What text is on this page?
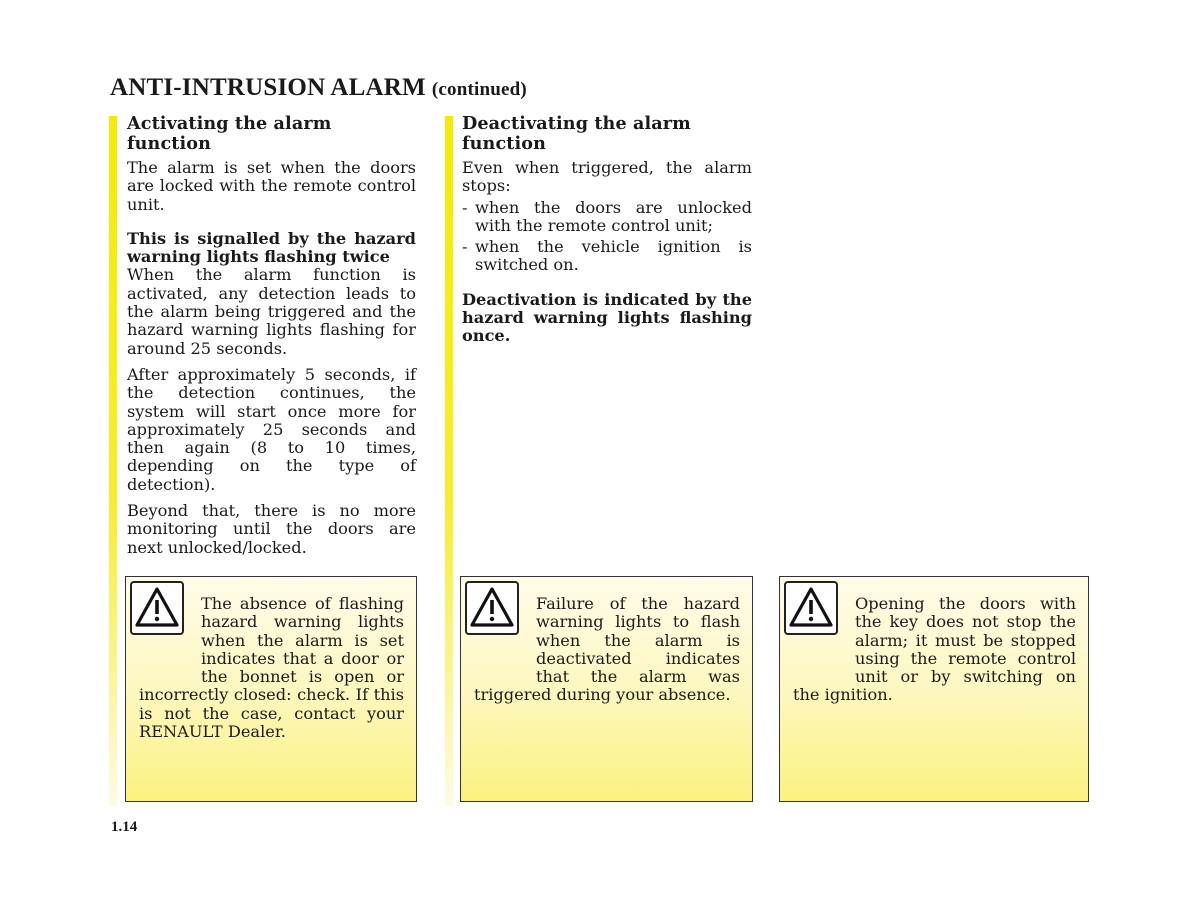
ANTI-INTRUSION ALARM (continued)
Activating the alarm function

The alarm is set when the doors are locked with the remote control unit.

This is signalled by the hazard warning lights flashing twice

When the alarm function is activated, any detection leads to the alarm being triggered and the hazard warning lights flashing for around 25 seconds.

After approximately 5 seconds, if the detection continues, the system will start once more for approximately 25 seconds and then again (8 to 10 times, depending on the type of detection).

Beyond that, there is no more monitoring until the doors are next unlocked/locked.

Deactivating the alarm function

Even when triggered, the alarm stops:

- when the doors are unlocked with the remote control unit;
- when the vehicle ignition is switched on.

Deactivation is indicated by the hazard warning lights flashing once.

The absence of flashing hazard warning lights when the alarm is set indicates that a door or the bonnet is open or incorrectly closed: check. If this is not the case, contact your RENAULT Dealer.

Failure of the hazard warning lights to flash when the alarm is deactivated indicates that the alarm was triggered during your absence.

Opening the doors with the key does not stop the alarm; it must be stopped using the remote control unit or by switching on the ignition.

1.14
